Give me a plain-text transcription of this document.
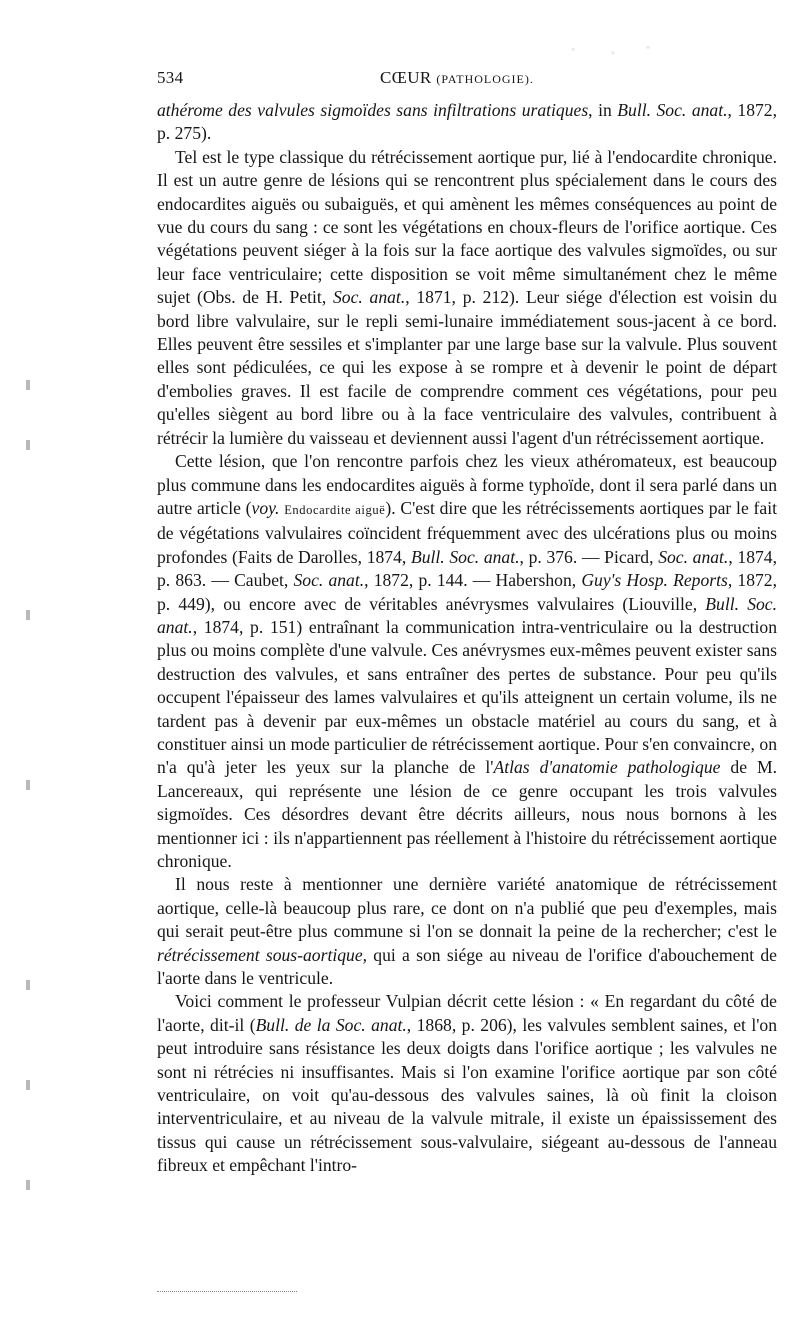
534	CŒUR (PATHOLOGIE).

athérome des valvules sigmoïdes sans infiltrations uratiques, in Bull. Soc. anat., 1872, p. 275).

Tel est le type classique du rétrécissement aortique pur, lié à l'endocardite chronique. Il est un autre genre de lésions qui se rencontrent plus spécialement dans le cours des endocardites aiguës ou subaiguës, et qui amènent les mêmes conséquences au point de vue du cours du sang : ce sont les végétations en choux-fleurs de l'orifice aortique. Ces végétations peuvent siéger à la fois sur la face aortique des valvules sigmoïdes, ou sur leur face ventriculaire; cette disposition se voit même simultanément chez le même sujet (Obs. de H. Petit, Soc. anat., 1871, p. 212). Leur siége d'élection est voisin du bord libre valvulaire, sur le repli semi-lunaire immédiatement sous-jacent à ce bord. Elles peuvent être sessiles et s'implanter par une large base sur la valvule. Plus souvent elles sont pédiculées, ce qui les expose à se rompre et à devenir le point de départ d'embolies graves. Il est facile de comprendre comment ces végétations, pour peu qu'elles siègent au bord libre ou à la face ventriculaire des valvules, contribuent à rétrécir la lumière du vaisseau et deviennent aussi l'agent d'un rétrécissement aortique.

Cette lésion, que l'on rencontre parfois chez les vieux athéromateux, est beaucoup plus commune dans les endocardites aiguës à forme typhoïde, dont il sera parlé dans un autre article (voy. Endocardite aiguë). C'est dire que les rétrécissements aortiques par le fait de végétations valvulaires coïncident fréquemment avec des ulcérations plus ou moins profondes (Faits de Darolles, 1874, Bull. Soc. anat., p. 376. — Picard, Soc. anat., 1874, p. 863. — Caubet, Soc. anat., 1872, p. 144. — Habershon, Guy's Hosp. Reports, 1872, p. 449), ou encore avec de véritables anévrysmes valvulaires (Liouville, Bull. Soc. anat., 1874, p. 151) entraînant la communication intra-ventriculaire ou la destruction plus ou moins complète d'une valvule. Ces anévrysmes eux-mêmes peuvent exister sans destruction des valvules, et sans entraîner des pertes de substance. Pour peu qu'ils occupent l'épaisseur des lames valvulaires et qu'ils atteignent un certain volume, ils ne tardent pas à devenir par eux-mêmes un obstacle matériel au cours du sang, et à constituer ainsi un mode particulier de rétrécissement aortique. Pour s'en convaincre, on n'a qu'à jeter les yeux sur la planche de l'Atlas d'anatomie pathologique de M. Lancereaux, qui représente une lésion de ce genre occupant les trois valvules sigmoïdes. Ces désordres devant être décrits ailleurs, nous nous bornons à les mentionner ici : ils n'appartiennent pas réellement à l'histoire du rétrécissement aortique chronique.

Il nous reste à mentionner une dernière variété anatomique de rétrécissement aortique, celle-là beaucoup plus rare, ce dont on n'a publié que peu d'exemples, mais qui serait peut-être plus commune si l'on se donnait la peine de la rechercher; c'est le rétrécissement sous-aortique, qui a son siége au niveau de l'orifice d'abouchement de l'aorte dans le ventricule.

Voici comment le professeur Vulpian décrit cette lésion : « En regardant du côté de l'aorte, dit-il (Bull. de la Soc. anat., 1868, p. 206), les valvules semblent saines, et l'on peut introduire sans résistance les deux doigts dans l'orifice aortique ; les valvules ne sont ni rétrécies ni insuffisantes. Mais si l'on examine l'orifice aortique par son côté ventriculaire, on voit qu'au-dessous des valvules saines, là où finit la cloison interventriculaire, et au niveau de la valvule mitrale, il existe un épaississement des tissus qui cause un rétrécissement sous-valvulaire, siégeant au-dessous de l'anneau fibreux et empêchant l'intro-
